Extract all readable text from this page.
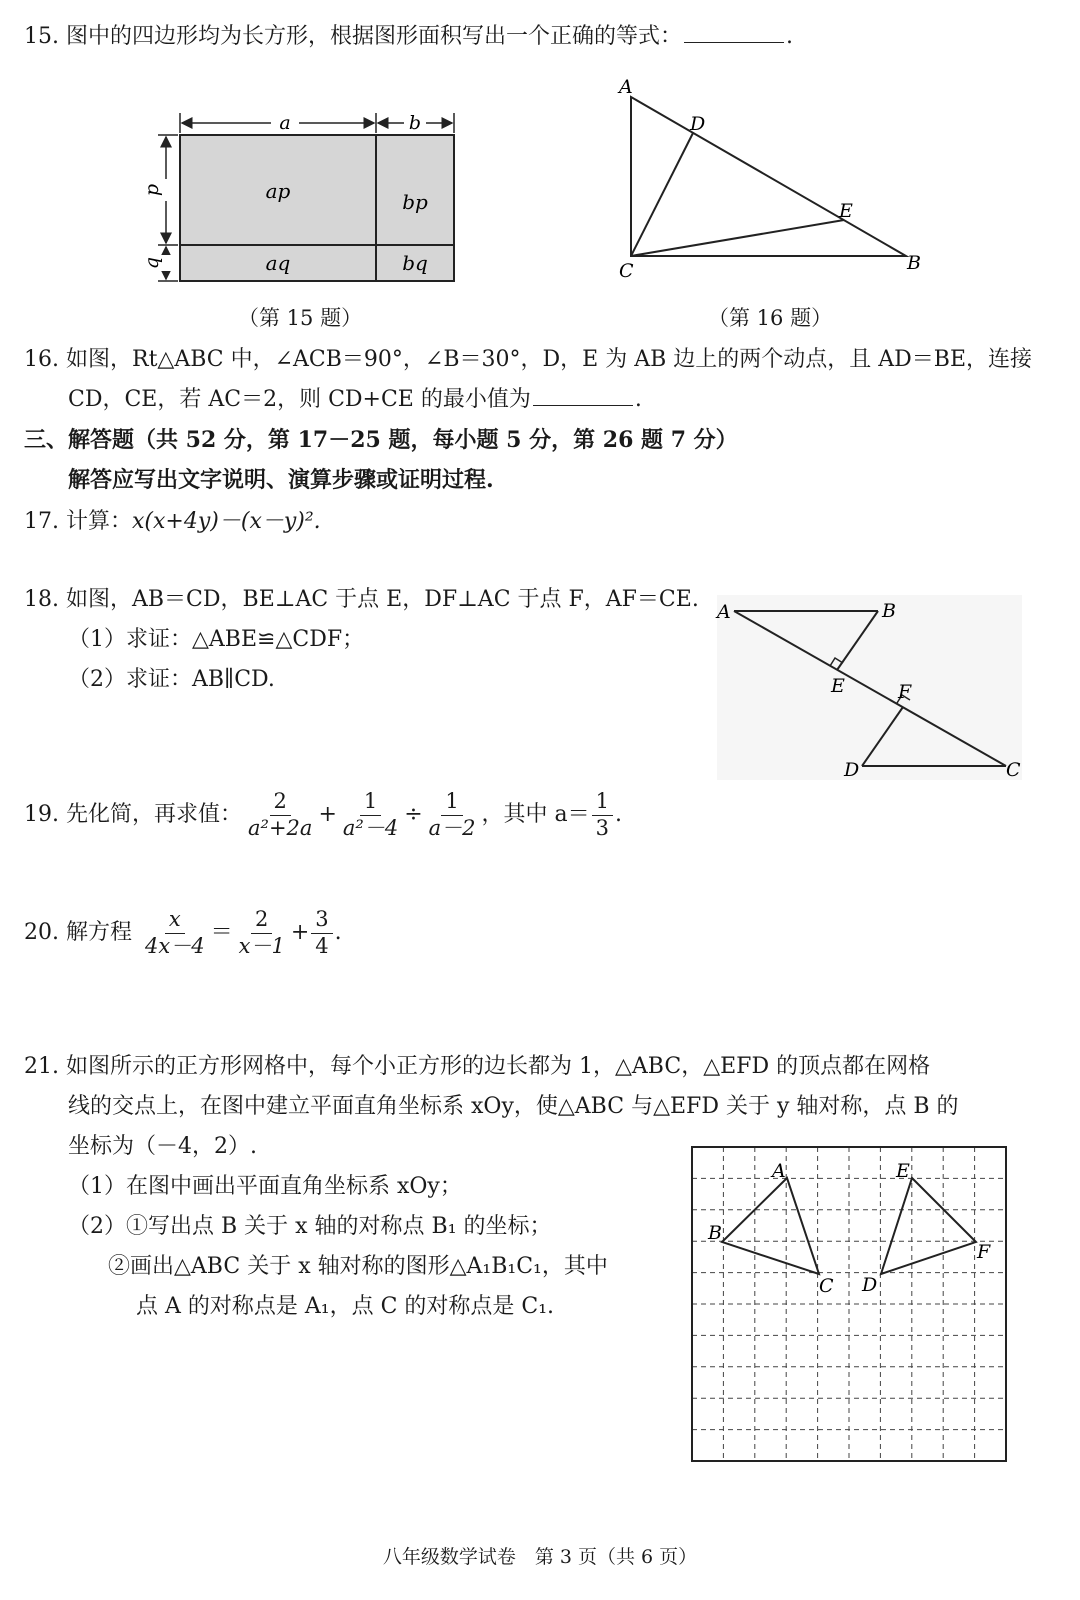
15. 图中的四边形均为长方形，根据图形面积写出一个正确的等式：	.
a	b
p
q
ap	bp
aq	bq
（第 15 题）
A
D
E
C	B
（第 16 题）
16. 如图，Rt△ABC 中，∠ACB＝90°，∠B＝30°，D，E 为 AB 边上的两个动点，且 AD＝BE，连接
CD，CE，若 AC＝2，则 CD+CE 的最小值为	.
三、解答题（共 52 分，第 17－25 题，每小题 5 分，第 26 题 7 分）
解答应写出文字说明、演算步骤或证明过程.
17. 计算：x(x+4y)－(x－y)².
18. 如图，AB＝CD，BE⊥AC 于点 E，DF⊥AC 于点 F，AF＝CE.
（1）求证：△ABE≌△CDF；
（2）求证：AB∥CD.
A	B
E	F
D	C
19.
先化简，再求值： $\frac{2}{\text{a²+2a}} + \frac{1}{\text{a²－4}} \div \frac{1}{a-2}$ ，其中 $a= \frac{1}{3}$ .
20.
解方程
$\frac{x}{4x-4} = \frac{2}{x-1} + \frac{3}{4}$ .
21. 如图所示的正方形网格中，每个小正方形的边长都为 1，△ABC，△EFD 的顶点都在网格
线的交点上，在图中建立平面直角坐标系 xOy，使△ABC 与△EFD 关于 y 轴对称，点 B 的
坐标为（－4，2）.
（1）在图中画出平面直角坐标系 xOy；
（2）①写出点 B 关于 x 轴的对称点 B₁ 的坐标；
②画出△ABC 关于 x 轴对称的图形△A₁B₁C₁，其中
点 A 的对称点是 A₁，点 C 的对称点是 C₁.
A
B
C
E
F
D
八年级数学试卷　第 3 页（共 6 页）
